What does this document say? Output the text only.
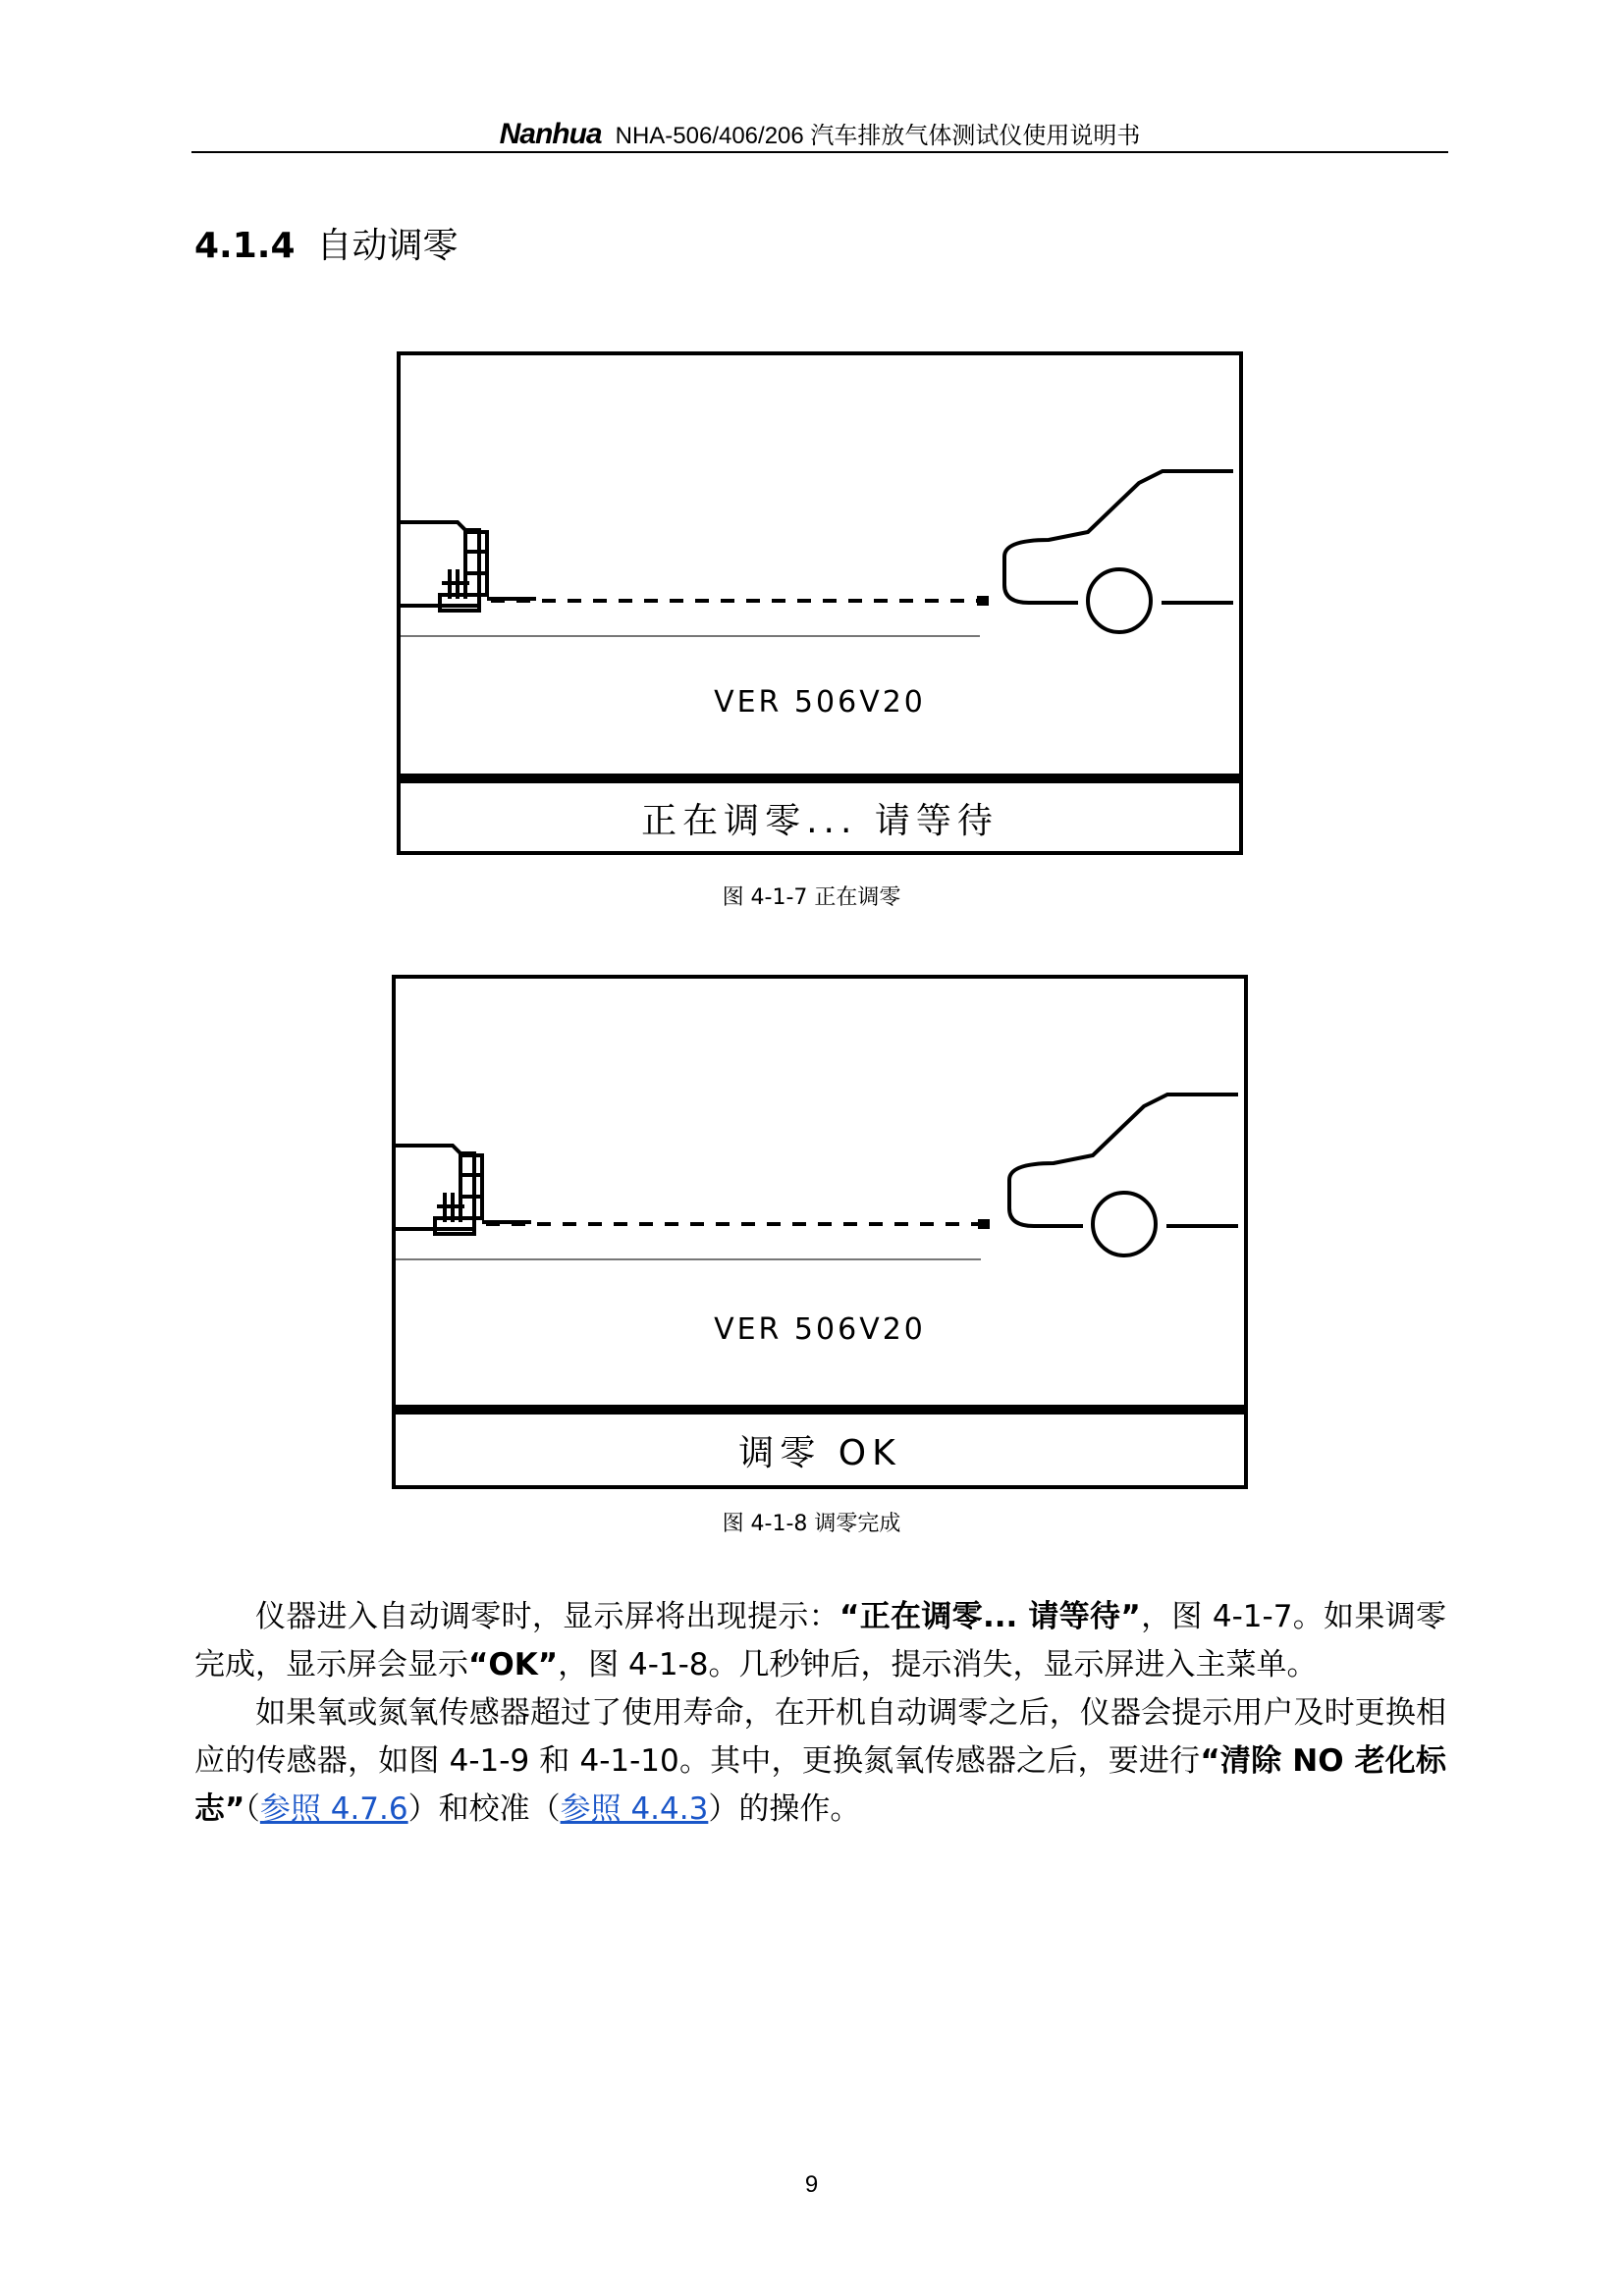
Nanhua NHA-506/406/206 汽车排放气体测试仪使用说明书
4.1.4 自动调零
VER 506V20
正在调零... 请等待
图 4-1-7 正在调零
VER 506V20
调零 OK
图 4-1-8 调零完成

仪器进入自动调零时，显示屏将出现提示：“正在调零... 请等待”，图 4-1-7。如果调零完成，显示屏会显示“OK”，图 4-1-8。几秒钟后，提示消失，显示屏进入主菜单。

如果氧或氮氧传感器超过了使用寿命，在开机自动调零之后，仪器会提示用户及时更换相应的传感器，如图 4-1-9 和 4-1-10。其中，更换氮氧传感器之后，要进行“清除 NO 老化标志”（参照 4.7.6）和校准（参照 4.4.3）的操作。

9
